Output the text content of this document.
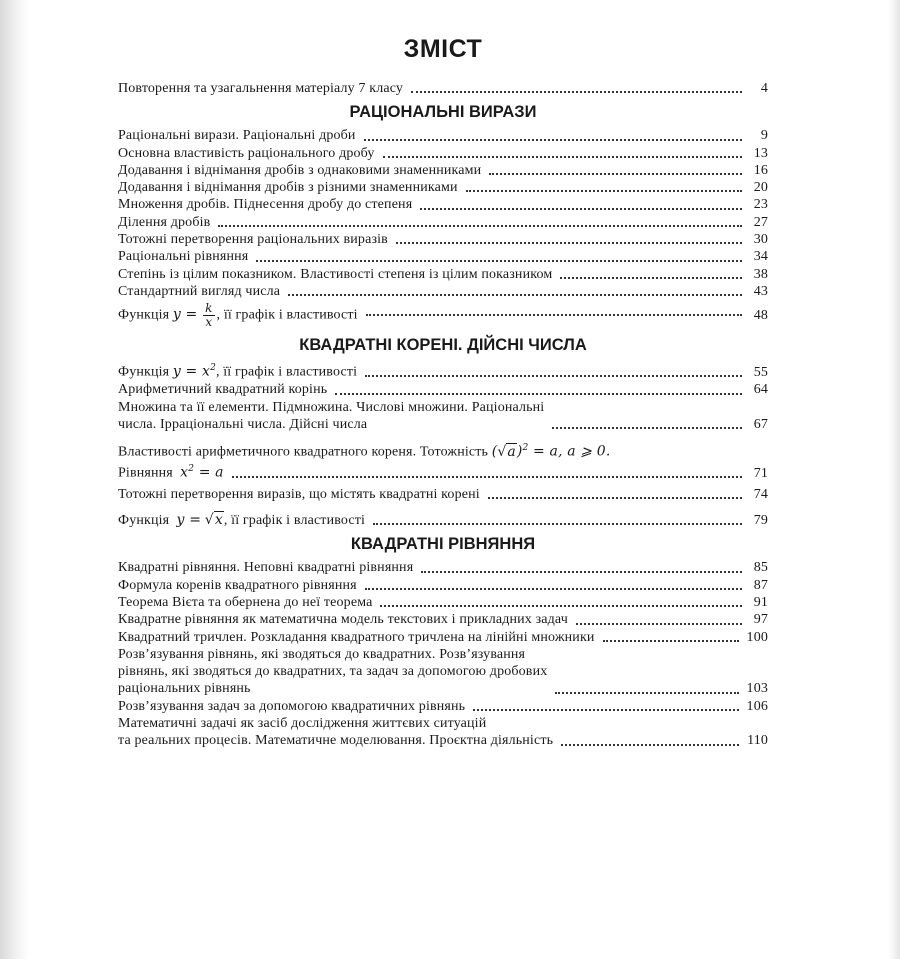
ЗМІСТ
Повторення та узагальнення матеріалу 7 класу	4
РАЦІОНАЛЬНІ ВИРАЗИ
Раціональні вирази. Раціональні дроби	9
Основна властивість раціонального дробу	13
Додавання і віднімання дробів з однаковими знаменниками	16
Додавання і віднімання дробів з різними знаменниками	20
Множення дробів. Піднесення дробу до степеня	23
Ділення дробів	27
Тотожні перетворення раціональних виразів	30
Раціональні рівняння	34
Степінь із цілим показником. Властивості степеня із цілим показником	38
Стандартний вигляд числа	43
Функція $y = \frac{k}{x}$ , її графік і властивості	48
КВАДРАТНІ КОРЕНІ. ДІЙСНІ ЧИСЛА
Функція $y = x^2$, її графік і властивості	55
Арифметичний квадратний корінь	64
Множина та її елементи. Підмножина. Числові множини. Раціональні
числа. Ірраціональні числа. Дійсні числа	67
Властивості арифметичного квадратного кореня. Тотожність $(√a)^2 = a$, a ⩾ 0.
Рівняння $x^2 = a$	71
Тотожні перетворення виразів, що містять квадратні корені	74
Функція y = √x, її графік і властивості	79
КВАДРАТНІ РІВНЯННЯ
Квадратні рівняння. Неповні квадратні рівняння	85
Формула коренів квадратного рівняння	87
Теорема Вієта та обернена до неї теорема	91
Квадратне рівняння як математична модель текстових і прикладних задач	97
Квадратний тричлен. Розкладання квадратного тричлена на лінійні множники	100
Розв’язування рівнянь, які зводяться до квадратних. Розв’язування
рівнянь, які зводяться до квадратних, та задач за допомогою дробових
раціональних рівнянь	103
Розв’язування задач за допомогою квадратичних рівнянь	106
Математичні задачі як засіб дослідження життєвих ситуацій
та реальних процесів. Математичне моделювання. Проєктна діяльність	110
